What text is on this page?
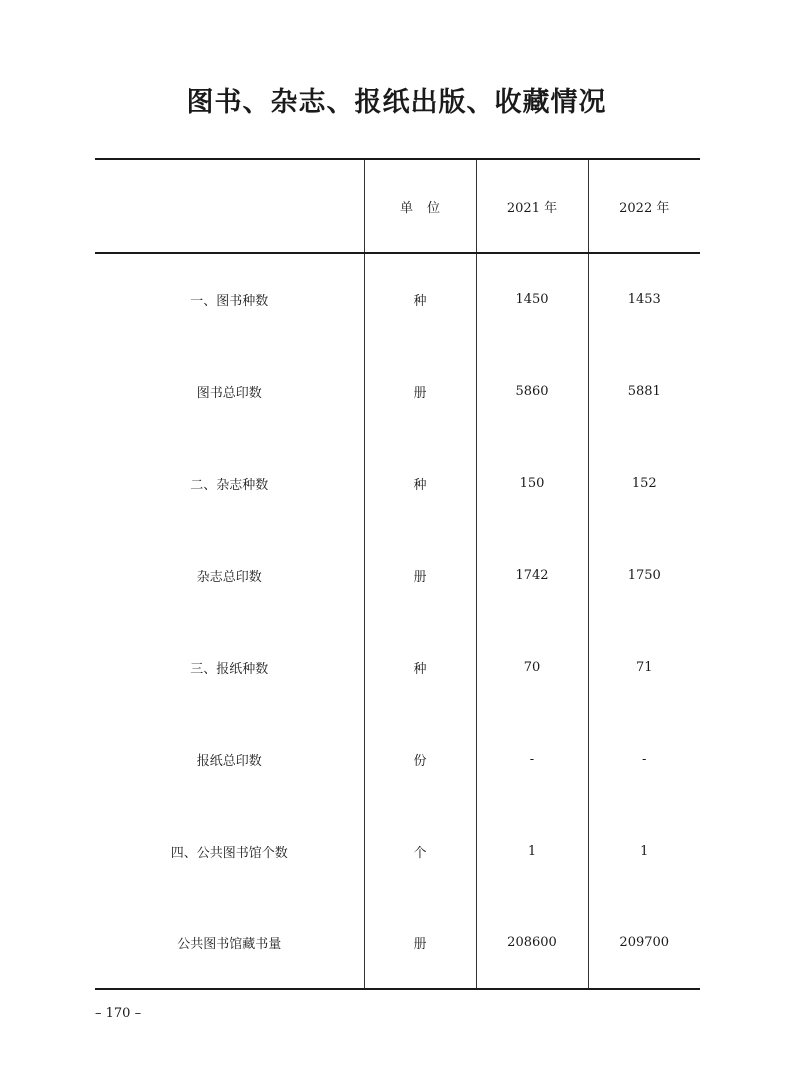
图书、杂志、报纸出版、收藏情况
	单位	2021 年	2022 年
一、图书种数	种	1450	1453
图书总印数	册	5860	5881
二、杂志种数	种	150	152
杂志总印数	册	1742	1750
三、报纸种数	种	70	71
报纸总印数	份	-	-
四、公共图书馆个数	个	1	1
公共图书馆藏书量	册	208600	209700
– 170 –
